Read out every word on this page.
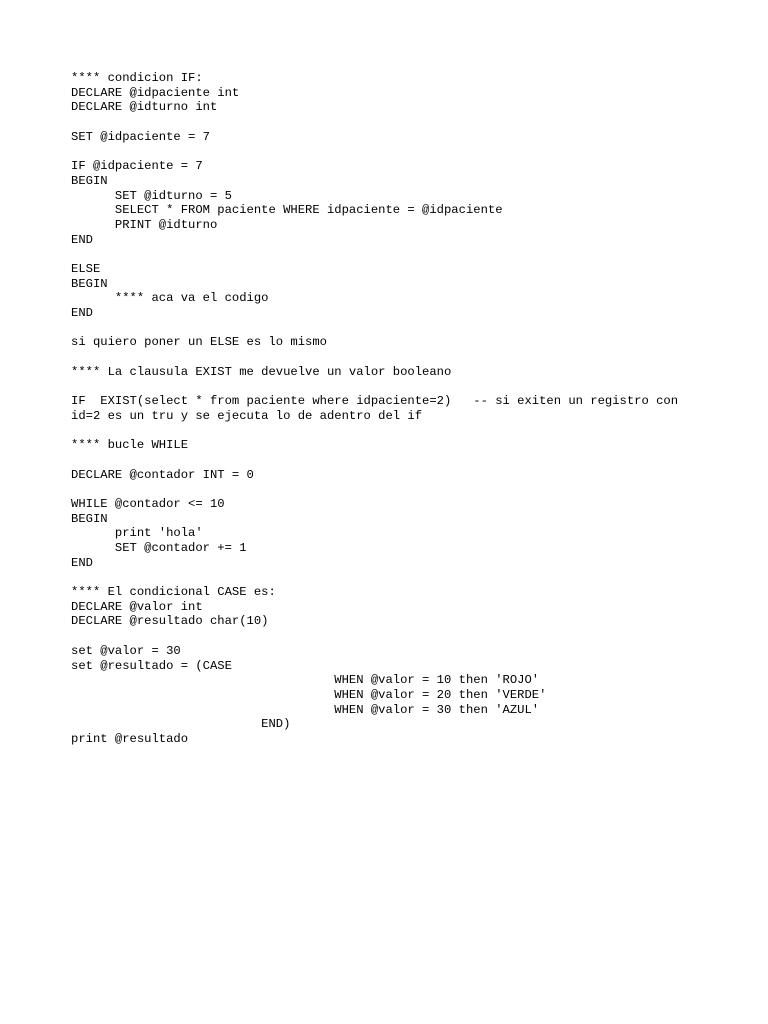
**** condicion IF:
DECLARE @idpaciente int
DECLARE @idturno int
SET @idpaciente = 7
IF @idpaciente = 7
BEGIN
SET @idturno = 5
SELECT * FROM paciente WHERE idpaciente = @idpaciente
PRINT @idturno
END
ELSE
BEGIN
**** aca va el codigo
END
si quiero poner un ELSE es lo mismo
**** La clausula EXIST me devuelve un valor booleano
IF  EXIST(select * from paciente where idpaciente=2)   -- si exiten un registro con
id=2 es un tru y se ejecuta lo de adentro del if
**** bucle WHILE
DECLARE @contador INT = 0
WHILE @contador <= 10
BEGIN
print 'hola'
SET @contador += 1
END
**** El condicional CASE es:
DECLARE @valor int
DECLARE @resultado char(10)
set @valor = 30
set @resultado = (CASE
WHEN @valor = 10 then 'ROJO'
WHEN @valor = 20 then 'VERDE'
WHEN @valor = 30 then 'AZUL'
END)
print @resultado
